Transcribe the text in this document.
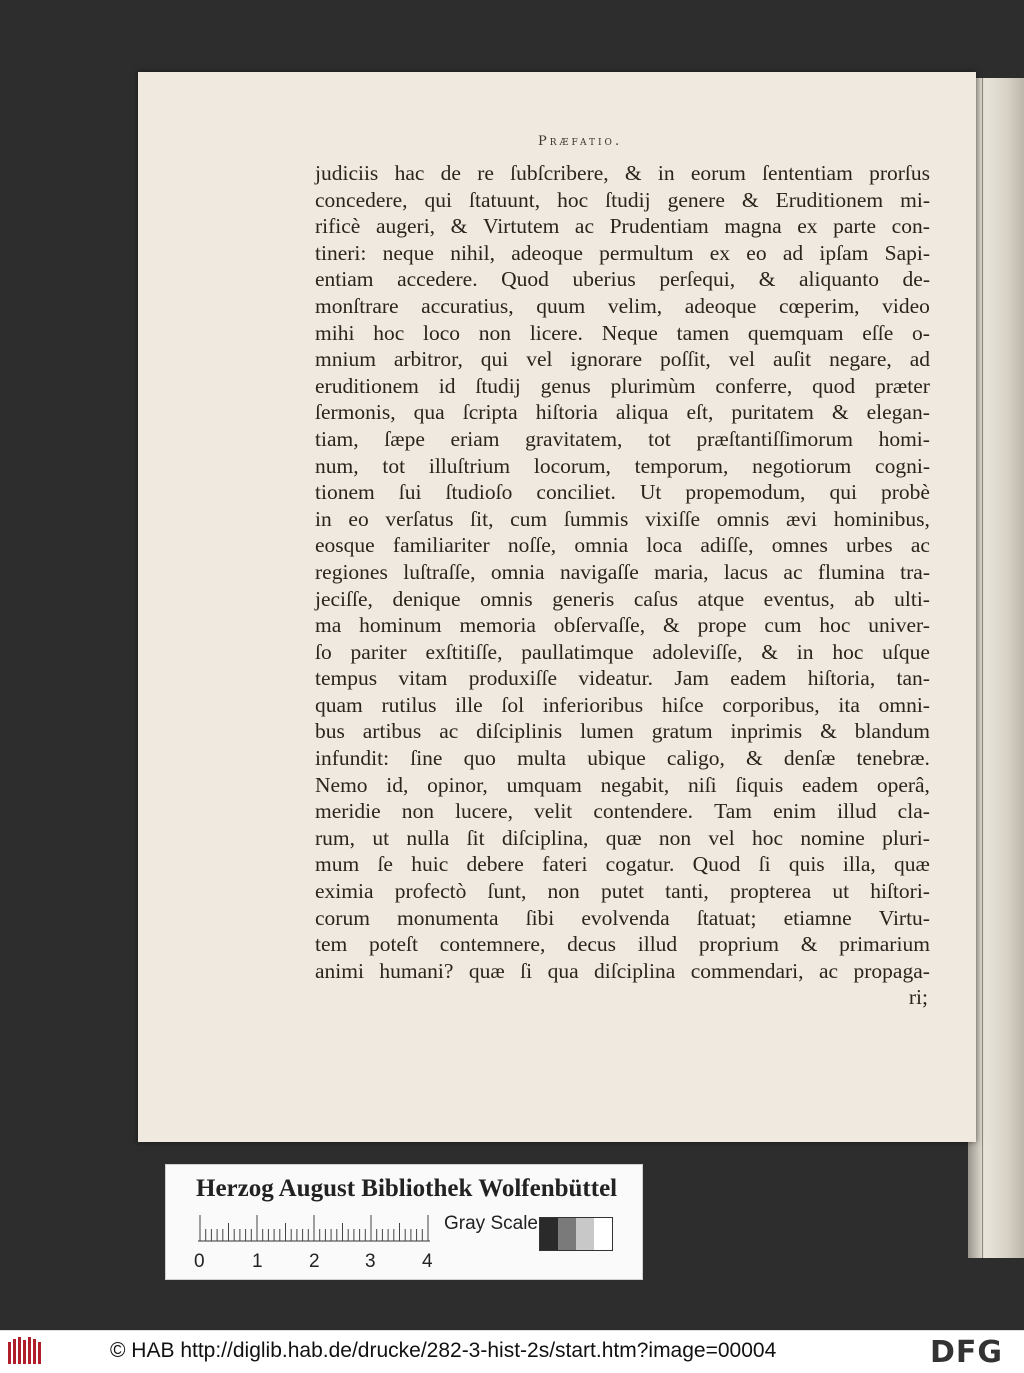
Præfatio.
judiciis hac de re ſubſcribere, & in eorum ſententiam prorſus
concedere, qui ſtatuunt, hoc ſtudij genere & Eruditionem mi-
rificè augeri, & Virtutem ac Prudentiam magna ex parte con-
tineri: neque nihil, adeoque permultum ex eo ad ipſam Sapi-
entiam accedere. Quod uberius perſequi, & aliquanto de-
monſtrare accuratius, quum velim, adeoque cœperim, video
mihi hoc loco non licere. Neque tamen quemquam eſſe o-
mnium arbitror, qui vel ignorare poſſit, vel auſit negare, ad
eruditionem id ſtudij genus plurimùm conferre, quod præter
ſermonis, qua ſcripta hiſtoria aliqua eſt, puritatem & elegan-
tiam, ſæpe eriam gravitatem, tot præſtantiſſimorum homi-
num, tot illuſtrium locorum, temporum, negotiorum cogni-
tionem ſui ſtudioſo conciliet. Ut propemodum, qui probè
in eo verſatus ſit, cum ſummis vixiſſe omnis ævi hominibus,
eosque familiariter noſſe, omnia loca adiſſe, omnes urbes ac
regiones luſtraſſe, omnia navigaſſe maria, lacus ac flumina tra-
jeciſſe, denique omnis generis caſus atque eventus, ab ulti-
ma hominum memoria obſervaſſe, & prope cum hoc univer-
ſo pariter exſtitiſſe, paullatimque adoleviſſe, & in hoc uſque
tempus vitam produxiſſe videatur. Jam eadem hiſtoria, tan-
quam rutilus ille ſol inferioribus hiſce corporibus, ita omni-
bus artibus ac diſciplinis lumen gratum inprimis & blandum
infundit: ſine quo multa ubique caligo, & denſæ tenebræ.
Nemo id, opinor, umquam negabit, niſi ſiquis eadem operâ,
meridie non lucere, velit contendere. Tam enim illud cla-
rum, ut nulla ſit diſciplina, quæ non vel hoc nomine pluri-
mum ſe huic debere fateri cogatur. Quod ſi quis illa, quæ
eximia profectò ſunt, non putet tanti, propterea ut hiſtori-
corum monumenta ſibi evolvenda ſtatuat; etiamne Virtu-
tem poteſt contemnere, decus illud proprium & primarium
animi humani? quæ ſi qua diſciplina commendari, ac propaga-
ri;
Herzog August Bibliothek Wolfenbüttel
Gray Scale
0 1 2 3 4
© HAB http://diglib.hab.de/drucke/282-3-hist-2s/start.htm?image=00004	DFG
